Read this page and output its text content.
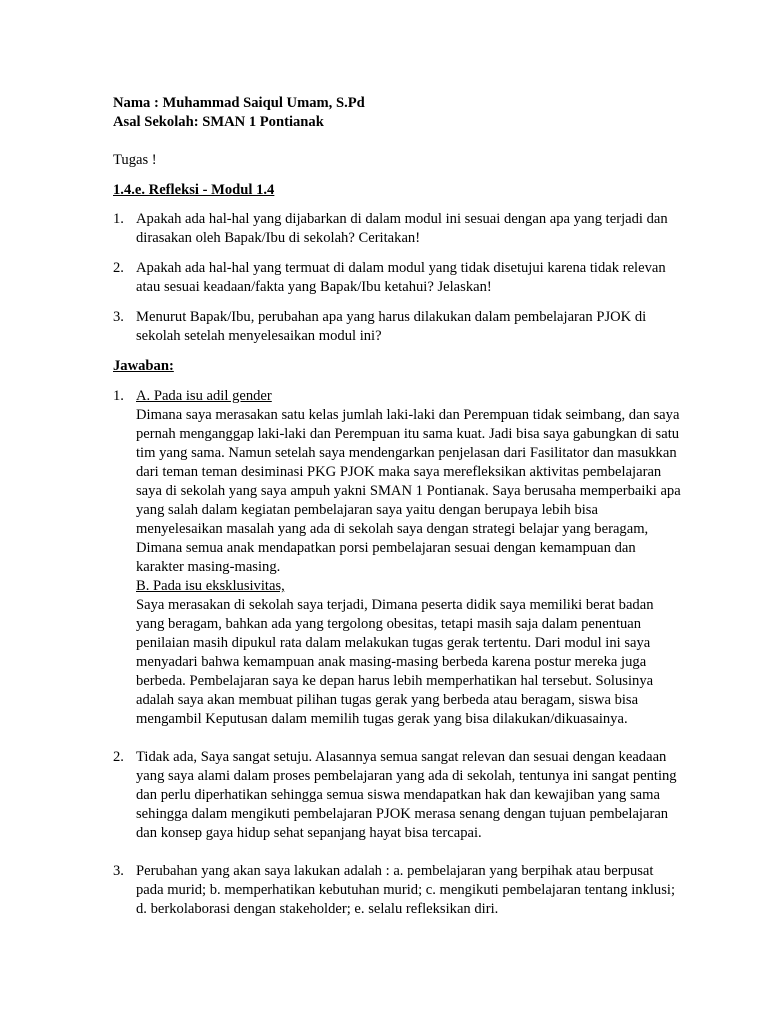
Nama : Muhammad Saiqul Umam, S.Pd
Asal Sekolah: SMAN 1 Pontianak
Tugas !
1.4.e. Refleksi - Modul 1.4
1. Apakah ada hal-hal yang dijabarkan di dalam modul ini sesuai dengan apa yang terjadi dan dirasakan oleh Bapak/Ibu di sekolah? Ceritakan!
2. Apakah ada hal-hal yang termuat di dalam modul yang tidak disetujui karena tidak relevan atau sesuai keadaan/fakta yang Bapak/Ibu ketahui? Jelaskan!
3. Menurut Bapak/Ibu, perubahan apa yang harus dilakukan dalam pembelajaran PJOK di sekolah setelah menyelesaikan modul ini?
Jawaban:
1. A. Pada isu adil gender
Dimana saya merasakan satu kelas jumlah laki-laki dan Perempuan tidak seimbang, dan saya pernah menganggap laki-laki dan Perempuan itu sama kuat. Jadi bisa saya gabungkan di satu tim yang sama. Namun setelah saya mendengarkan penjelasan dari Fasilitator dan masukkan dari teman teman desiminasi PKG PJOK maka saya merefleksikan aktivitas pembelajaran saya di sekolah yang saya ampuh yakni SMAN 1 Pontianak. Saya berusaha memperbaiki apa yang salah dalam kegiatan pembelajaran saya yaitu dengan berupaya lebih bisa menyelesaikan masalah yang ada di sekolah saya dengan strategi belajar yang beragam, Dimana semua anak mendapatkan porsi pembelajaran sesuai dengan kemampuan dan karakter masing-masing.
B. Pada isu eksklusivitas,
Saya merasakan di sekolah saya terjadi, Dimana peserta didik saya memiliki berat badan yang beragam, bahkan ada yang tergolong obesitas, tetapi masih saja dalam penentuan penilaian masih dipukul rata dalam melakukan tugas gerak tertentu. Dari modul ini saya menyadari bahwa kemampuan anak masing-masing berbeda karena postur mereka juga berbeda. Pembelajaran saya ke depan harus lebih memperhatikan hal tersebut. Solusinya adalah saya akan membuat pilihan tugas gerak yang berbeda atau beragam, siswa bisa mengambil Keputusan dalam memilih tugas gerak yang bisa dilakukan/dikuasainya.
2. Tidak ada, Saya sangat setuju. Alasannya semua sangat relevan dan sesuai dengan keadaan yang saya alami dalam proses pembelajaran yang ada di sekolah, tentunya ini sangat penting dan perlu diperhatikan sehingga semua siswa mendapatkan hak dan kewajiban yang sama sehingga dalam mengikuti pembelajaran PJOK merasa senang dengan tujuan pembelajaran dan konsep gaya hidup sehat sepanjang hayat bisa tercapai.
3. Perubahan yang akan saya lakukan adalah : a. pembelajaran yang berpihak atau berpusat pada murid; b. memperhatikan kebutuhan murid; c. mengikuti pembelajaran tentang inklusi; d. berkolaborasi dengan stakeholder; e. selalu refleksikan diri.
